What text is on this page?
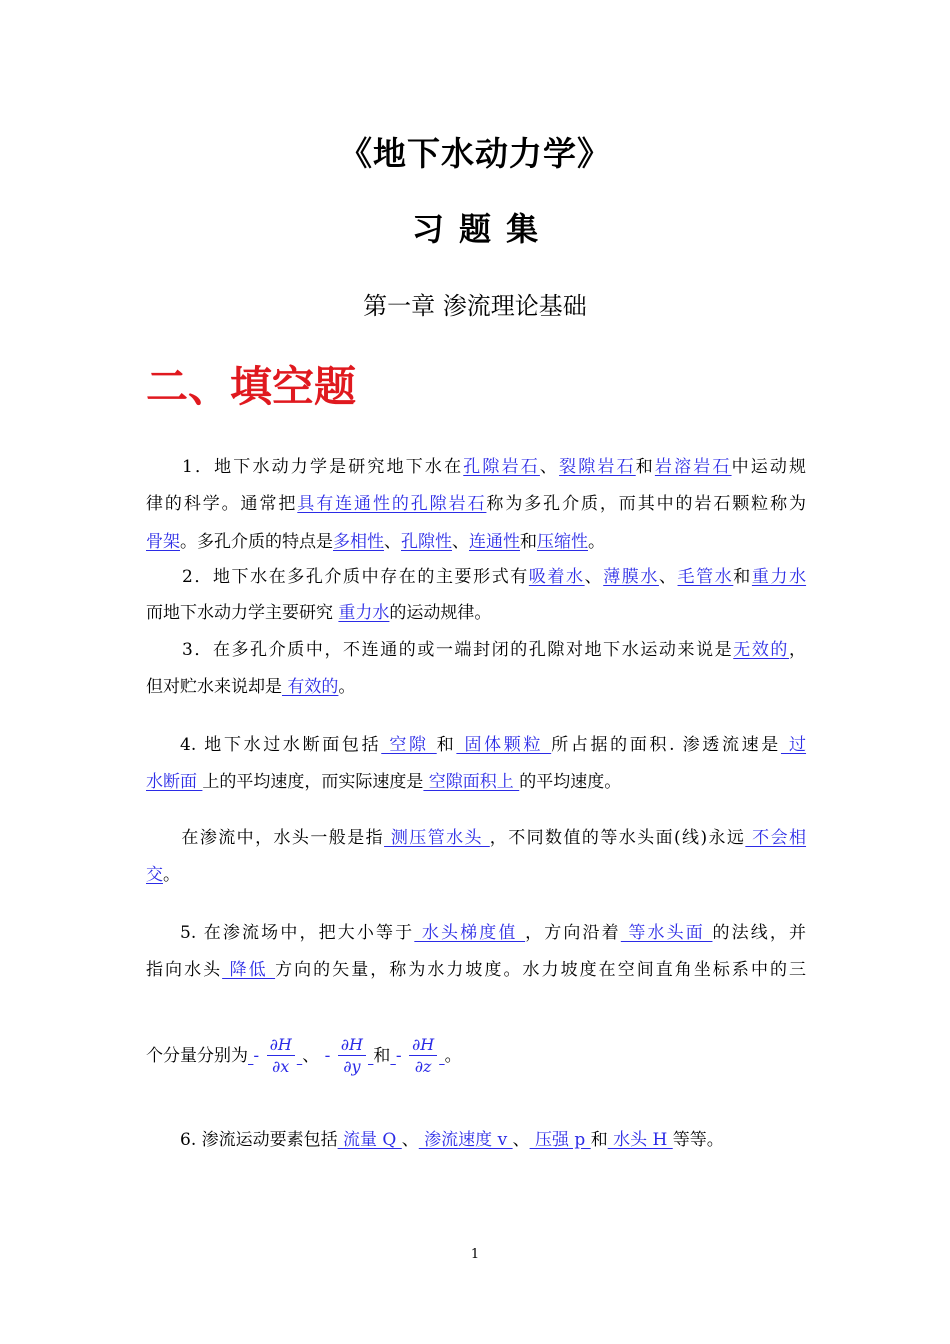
《地下水动力学》
习 题 集
第一章 渗流理论基础
二、填空题
1．地下水动力学是研究地下水在孔隙岩石、裂隙岩石和岩溶岩石中运动规
律的科学。通常把具有连通性的孔隙岩石称为多孔介质，而其中的岩石颗粒称为
骨架。多孔介质的特点是多相性、孔隙性、连通性和压缩性。
2．地下水在多孔介质中存在的主要形式有吸着水、薄膜水、毛管水和重力水
而地下水动力学主要研究 重力水的运动规律。
3．在多孔介质中，不连通的或一端封闭的孔隙对地下水运动来说是无效的，
但对贮水来说却是 有效的。
4. 地下水过水断面包括 空隙 和 固体颗粒 所占据的面积. 渗透流速是 过
水断面 上的平均速度，而实际速度是 空隙面积上 的平均速度。
在渗流中，水头一般是指 测压管水头 ，不同数值的等水头面(线)永远 不会相
交。
5. 在渗流场中，把大小等于 水头梯度值 ，方向沿着 等水头面 的法线，并
指向水头 降低 方向的矢量，称为水力坡度。水力坡度在空间直角坐标系中的三
个分量分别为 - $\frac{\partial H}{\partial x}$ 、 - $\frac{\partial H}{\partial y}$ 和 - $\frac{\partial H}{\partial z}$ 。
6. 渗流运动要素包括 流量 Q 、 渗流速度 v 、 压强 p 和 水头 H 等等。
1
